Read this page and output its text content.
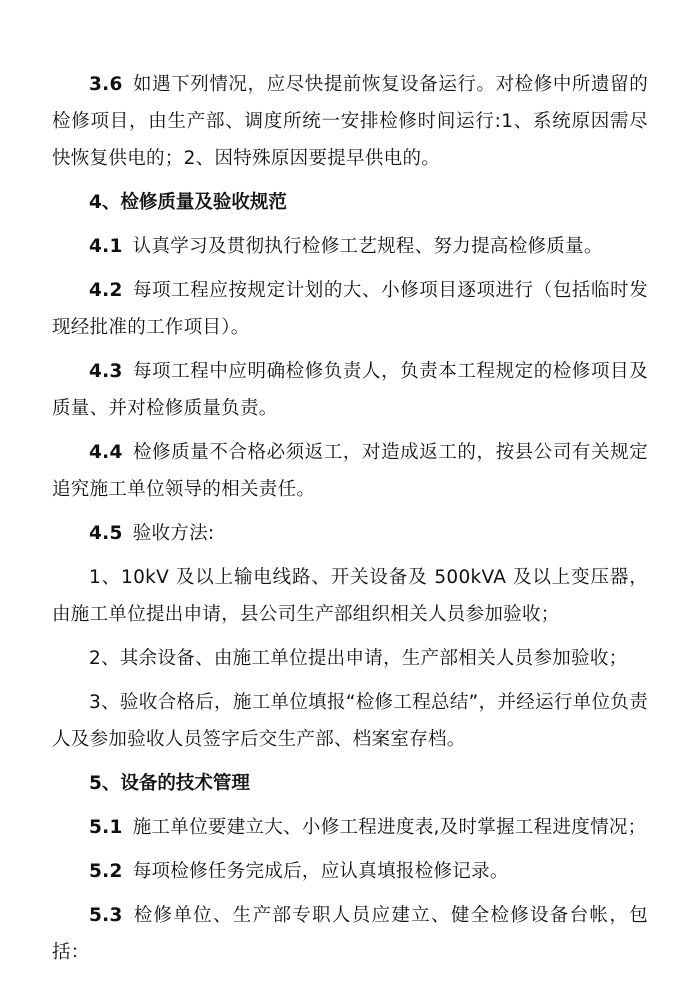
3.6 如遇下列情况，应尽快提前恢复设备运行。对检修中所遗留的检修项目，由生产部、调度所统一安排检修时间运行:1、系统原因需尽快恢复供电的；2、因特殊原因要提早供电的。

4、检修质量及验收规范

4.1 认真学习及贯彻执行检修工艺规程、努力提高检修质量。

4.2 每项工程应按规定计划的大、小修项目逐项进行（包括临时发现经批准的工作项目）。

4.3 每项工程中应明确检修负责人，负责本工程规定的检修项目及质量、并对检修质量负责。

4.4 检修质量不合格必须返工，对造成返工的，按县公司有关规定追究施工单位领导的相关责任。

4.5 验收方法:

1、10kV 及以上输电线路、开关设备及 500kVA 及以上变压器，由施工单位提出申请，县公司生产部组织相关人员参加验收；

2、其余设备、由施工单位提出申请，生产部相关人员参加验收；

3、验收合格后，施工单位填报“检修工程总结”，并经运行单位负责人及参加验收人员签字后交生产部、档案室存档。

5、设备的技术管理

5.1 施工单位要建立大、小修工程进度表,及时掌握工程进度情况；

5.2 每项检修任务完成后，应认真填报检修记录。

5.3 检修单位、生产部专职人员应建立、健全检修设备台帐，包括：
